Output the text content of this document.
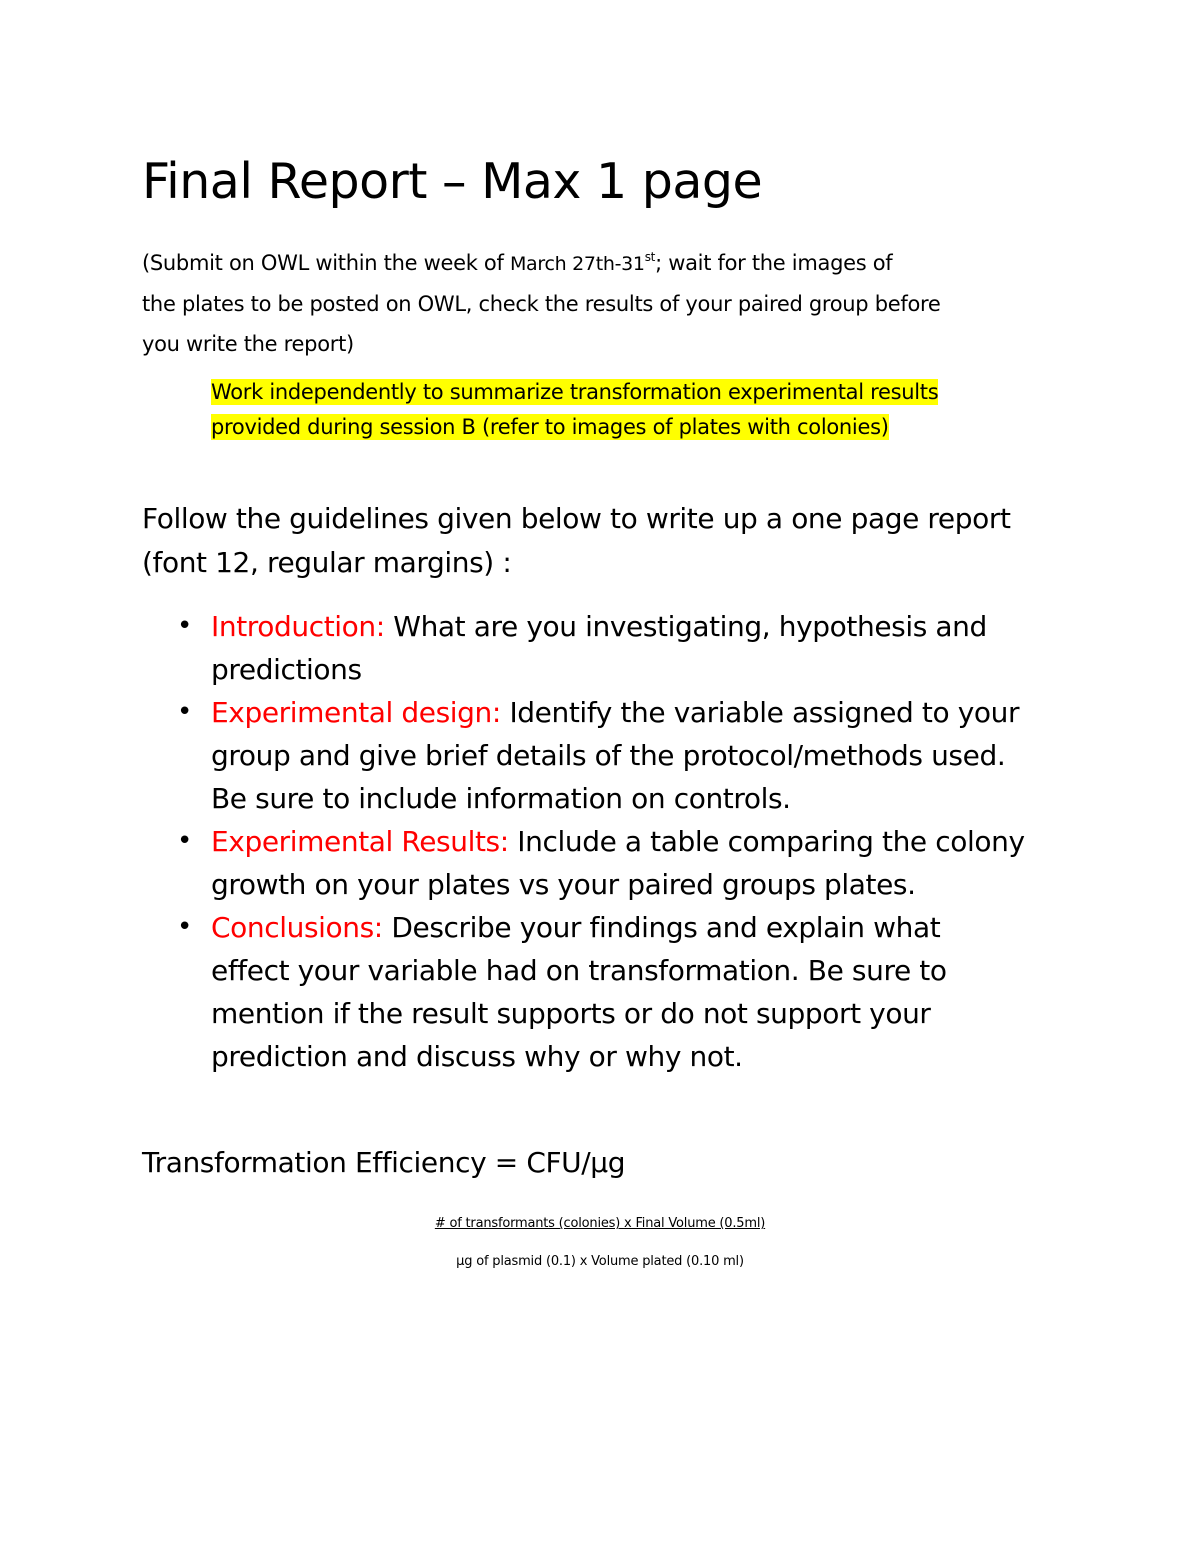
Final Report – Max 1 page
(Submit on OWL within the week of March 27th-31st; wait for the images of
the plates to be posted on OWL, check the results of your paired group before
you write the report)
Work independently to summarize transformation experimental results
provided during session B (refer to images of plates with colonies)
Follow the guidelines given below to write up a one page report
(font 12, regular margins) :
• Introduction: What are you investigating, hypothesis and
predictions
• Experimental design: Identify the variable assigned to your
group and give brief details of the protocol/methods used.
Be sure to include information on controls.
• Experimental Results: Include a table comparing the colony
growth on your plates vs your paired groups plates.
• Conclusions: Describe your findings and explain what
effect your variable had on transformation. Be sure to
mention if the result supports or do not support your
prediction and discuss why or why not.
Transformation Efficiency = CFU/µg
# of transformants (colonies) x Final Volume (0.5ml)
µg of plasmid (0.1) x Volume plated (0.10 ml)
